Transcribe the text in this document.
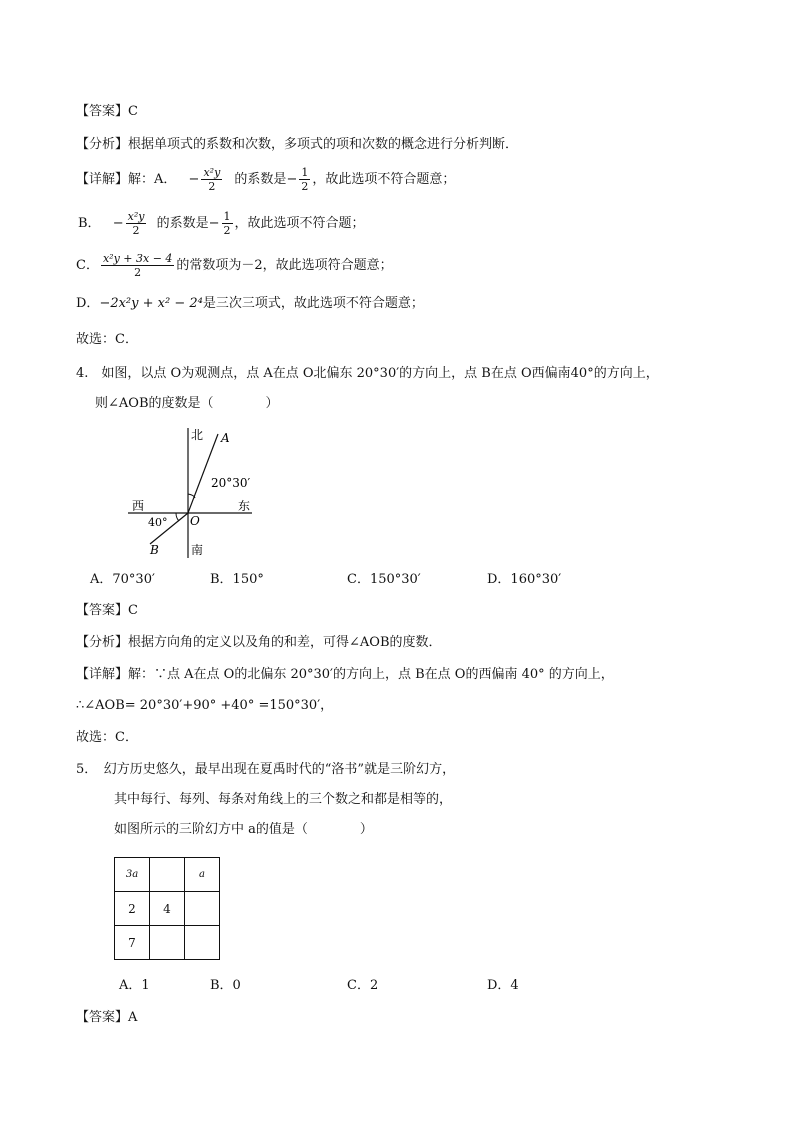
【答案】C
【分析】根据单项式的系数和次数，多项式的项和次数的概念进行分析判断．
【详解】解：A． − $\frac{\text{x²y}}{2}$ 的系数是− $\frac{1}{2}$ ，故此选项不符合题意；
B． − $\frac{\text{x²y}}{2}$ 的系数是− $\frac{1}{2}$ ，故此选项不符合题；
C． $\frac{\text{x²y + 3x − 4}}{2}$ 的常数项为－2，故此选项符合题意；
D．−2x²y + x² − 2⁴是三次三项式，故此选项不符合题意；
故选：C．
4.　如图，以点 O为观测点，点 A在点 O北偏东 20°30′的方向上，点 B在点 O西偏南40°的方向上，
则∠AOB的度数是（　　　　）
北 A
20°30′
西	东
40° O
B	南
A．70°30′	B．150°	C．150°30′	D．160°30′
【答案】C
【分析】根据方向角的定义以及角的和差，可得∠AOB的度数．
【详解】解：∵点 A在点 O的北偏东 20°30′的方向上，点 B在点 O的西偏南 40° 的方向上，
∴∠AOB= 20°30′+90° +40° =150°30′，
故选：C．
5．　幻方历史悠久，最早出现在夏禹时代的“洛书”就是三阶幻方，
其中每行、每列、每条对角线上的三个数之和都是相等的，
如图所示的三阶幻方中 a的值是（　　　　）
3a		a
2	4	
7		
A．1	B．0	C．2	D．4
【答案】A
